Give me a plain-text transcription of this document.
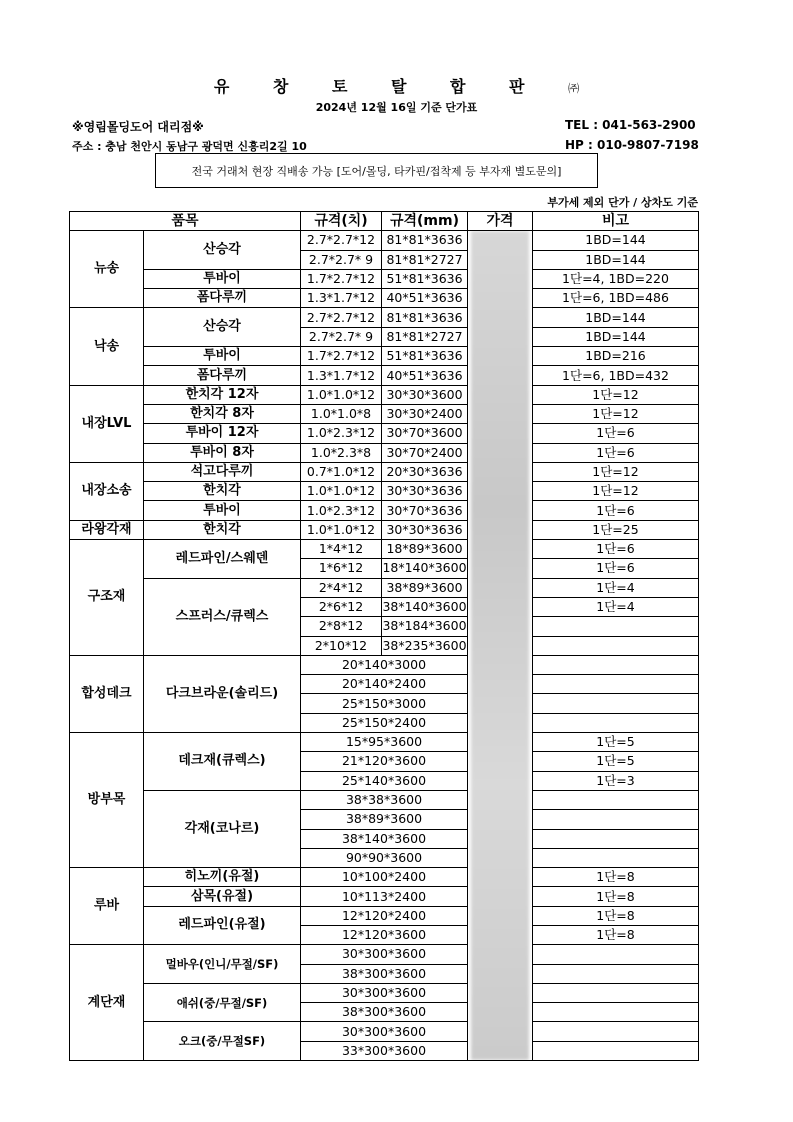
유 창 토 탈 합 판 ㈜
2024년 12월 16일 기준 단가표
※영림몰딩도어 대리점※
주소 : 충남 천안시 동남구 광덕면 신흥리2길 10
TEL : 041-563-2900
HP : 010-9807-7198
전국 거래처 현장 직배송 가능 [도어/몰딩, 타카핀/접착제 등 부자재 별도문의]
부가세 제외 단가 / 상차도 기준
품목		규격(치)	규격(mm)	가격	비고
뉴송	산승각	2.7*2.7*12	81*81*3636		1BD=144
		2.7*2.7* 9	81*81*2727		1BD=144
	투바이	1.7*2.7*12	51*81*3636		1단=4, 1BD=220
	폼다루끼	1.3*1.7*12	40*51*3636		1단=6, 1BD=486
낙송	산승각	2.7*2.7*12	81*81*3636		1BD=144
		2.7*2.7* 9	81*81*2727		1BD=144
	투바이	1.7*2.7*12	51*81*3636		1BD=216
	폼다루끼	1.3*1.7*12	40*51*3636		1단=6, 1BD=432
내장LVL	한치각 12자	1.0*1.0*12	30*30*3600		1단=12
	한치각 8자	1.0*1.0*8	30*30*2400		1단=12
	투바이 12자	1.0*2.3*12	30*70*3600		1단=6
	투바이 8자	1.0*2.3*8	30*70*2400		1단=6
내장소송	석고다루끼	0.7*1.0*12	20*30*3636		1단=12
	한치각	1.0*1.0*12	30*30*3636		1단=12
	투바이	1.0*2.3*12	30*70*3636		1단=6
라왕각재	한치각	1.0*1.0*12	30*30*3636		1단=25
구조재	레드파인/스웨덴	1*4*12	18*89*3600		1단=6
		1*6*12	18*140*3600		1단=6
	스프러스/큐렉스	2*4*12	38*89*3600		1단=4
		2*6*12	38*140*3600		1단=4
		2*8*12	38*184*3600		
		2*10*12	38*235*3600		
합성데크	다크브라운(솔리드)	20*140*3000			
		20*140*2400			
		25*150*3000			
		25*150*2400			
방부목	데크재(큐렉스)	15*95*3600			1단=5
		21*120*3600			1단=5
		25*140*3600			1단=3
	각재(코나르)	38*38*3600			
		38*89*3600			
		38*140*3600			
		90*90*3600			
루바	히노끼(유절)	10*100*2400			1단=8
	삼목(유절)	10*113*2400			1단=8
	레드파인(유절)	12*120*2400			1단=8
		12*120*3600			1단=8
계단재	멀바우(인니/무절/SF)	30*300*3600			
		38*300*3600			
	애쉬(중/무절/SF)	30*300*3600			
		38*300*3600			
	오크(중/무절SF)	30*300*3600			
		33*300*3600			
